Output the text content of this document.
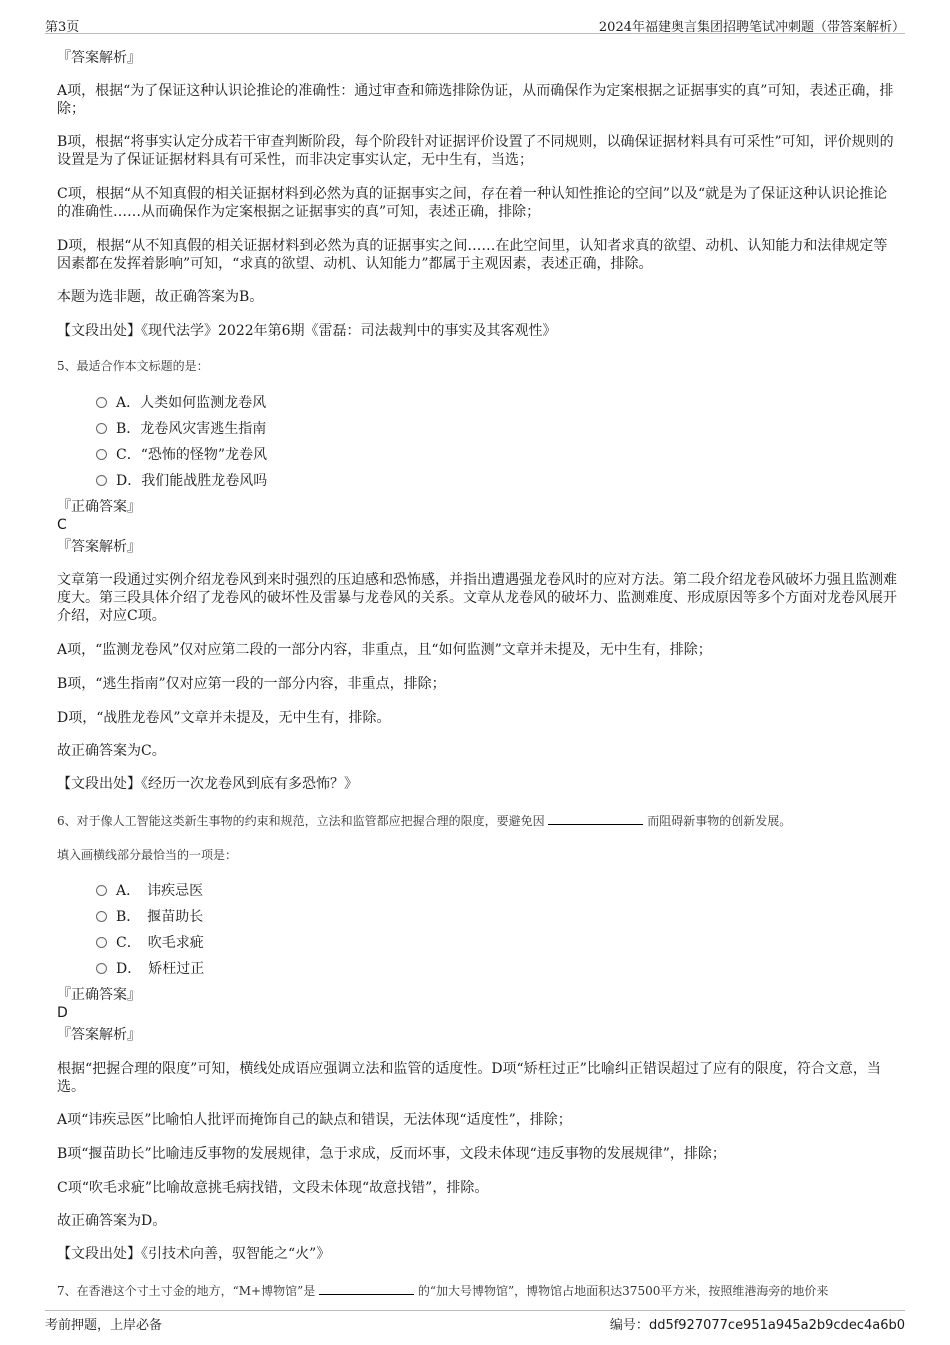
第3页	2024年福建奥言集团招聘笔试冲刺题（带答案解析）
『答案解析』
A项，根据“为了保证这种认识论推论的准确性：通过审查和筛选排除伪证，从而确保作为定案根据之证据事实的真”可知，表述正确，排除；
B项，根据“将事实认定分成若干审查判断阶段，每个阶段针对证据评价设置了不同规则，以确保证据材料具有可采性”可知，评价规则的设置是为了保证证据材料具有可采性，而非决定事实认定，无中生有，当选；
C项，根据“从不知真假的相关证据材料到必然为真的证据事实之间，存在着一种认知性推论的空间”以及“就是为了保证这种认识论推论的准确性……从而确保作为定案根据之证据事实的真”可知，表述正确，排除；
D项，根据“从不知真假的相关证据材料到必然为真的证据事实之间……在此空间里，认知者求真的欲望、动机、认知能力和法律规定等因素都在发挥着影响”可知，“求真的欲望、动机、认知能力”都属于主观因素，表述正确，排除。
本题为选非题，故正确答案为B。
【文段出处】《现代法学》2022年第6期《雷磊：司法裁判中的事实及其客观性》
5、最适合作本文标题的是：
A．人类如何监测龙卷风
B．龙卷风灾害逃生指南
C．“恐怖的怪物”龙卷风
D．我们能战胜龙卷风吗
『正确答案』
C
『答案解析』
文章第一段通过实例介绍龙卷风到来时强烈的压迫感和恐怖感，并指出遭遇强龙卷风时的应对方法。第二段介绍龙卷风破坏力强且监测难度大。第三段具体介绍了龙卷风的破坏性及雷暴与龙卷风的关系。文章从龙卷风的破坏力、监测难度、形成原因等多个方面对龙卷风展开介绍，对应C项。
A项，“监测龙卷风”仅对应第二段的一部分内容，非重点，且“如何监测”文章并未提及，无中生有，排除；
B项，“逃生指南”仅对应第一段的一部分内容，非重点，排除；
D项，“战胜龙卷风”文章并未提及，无中生有，排除。
故正确答案为C。
【文段出处】《经历一次龙卷风到底有多恐怖？》
6、对于像人工智能这类新生事物的约束和规范，立法和监管都应把握合理的限度，要避免因	而阻碍新事物的创新发展。
填入画横线部分最恰当的一项是：
A．　讳疾忌医
B．　揠苗助长
C．　吹毛求疵
D．　矫枉过正
『正确答案』
D
『答案解析』
根据“把握合理的限度”可知，横线处成语应强调立法和监管的适度性。D项“矫枉过正”比喻纠正错误超过了应有的限度，符合文意，当选。
A项“讳疾忌医”比喻怕人批评而掩饰自己的缺点和错误，无法体现“适度性”，排除；
B项“揠苗助长”比喻违反事物的发展规律，急于求成，反而坏事，文段未体现“违反事物的发展规律”，排除；
C项“吹毛求疵”比喻故意挑毛病找错，文段未体现“故意找错”，排除。
故正确答案为D。
【文段出处】《引技术向善，驭智能之“火”》
7、在香港这个寸土寸金的地方，“M+博物馆”是	的“加大号博物馆”，博物馆占地面积达37500平方米，按照维港海旁的地价来
考前押题，上岸必备	编号：dd5f927077ce951a945a2b9cdec4a6b0
